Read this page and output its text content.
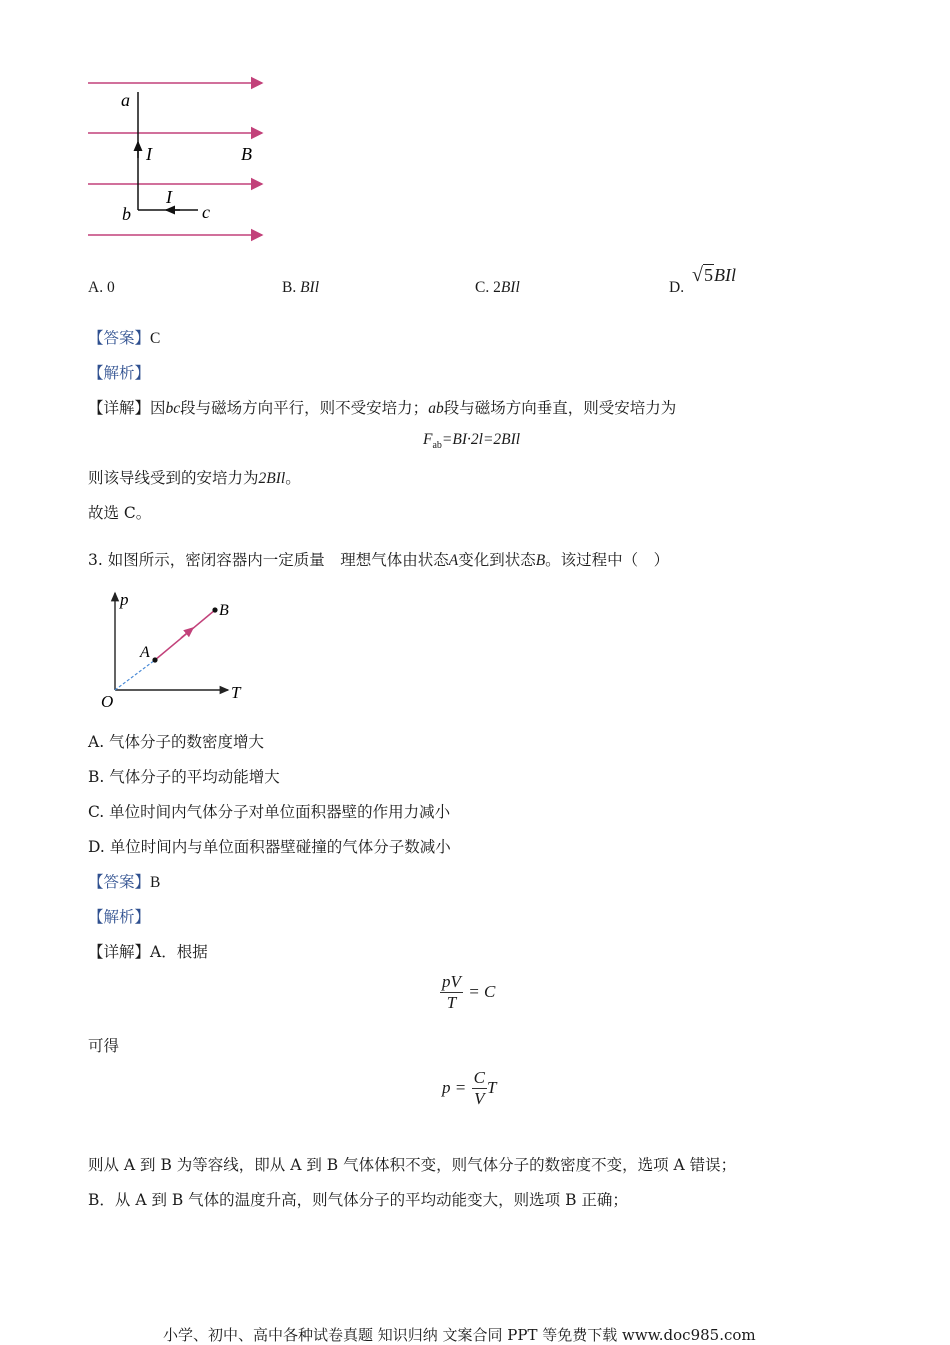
a
I	B
I
b	c
A. 0	B. BIl	C. 2BIl	D.
√5BIl
【答案】C
【解析】
【详解】因bc段与磁场方向平行，则不受安培力；ab段与磁场方向垂直，则受安培力为
$F_{ab}=BI\cdot 2l=2BIl$
则该导线受到的安培力为2BIl。
故选 C。
3. 如图所示，密闭容器内一定质量　理想气体由状态A变化到状态B。该过程中（　）
p
T
O
A
B
A. 气体分子的数密度增大
B. 气体分子的平均动能增大
C. 单位时间内气体分子对单位面积器壁的作用力减小
D. 单位时间内与单位面积器壁碰撞的气体分子数减小
【答案】B
【解析】
【详解】A．根据
$\frac{pV}{T} = C$
可得
$p = \frac{C}{V}$ T
则从 A 到 B 为等容线，即从 A 到 B 气体体积不变，则气体分子的数密度不变，选项 A 错误；
B．从 A 到 B 气体的温度升高，则气体分子的平均动能变大，则选项 B 正确；
小学、初中、高中各种试卷真题 知识归纳 文案合同 PPT 等免费下载 www.doc985.com
